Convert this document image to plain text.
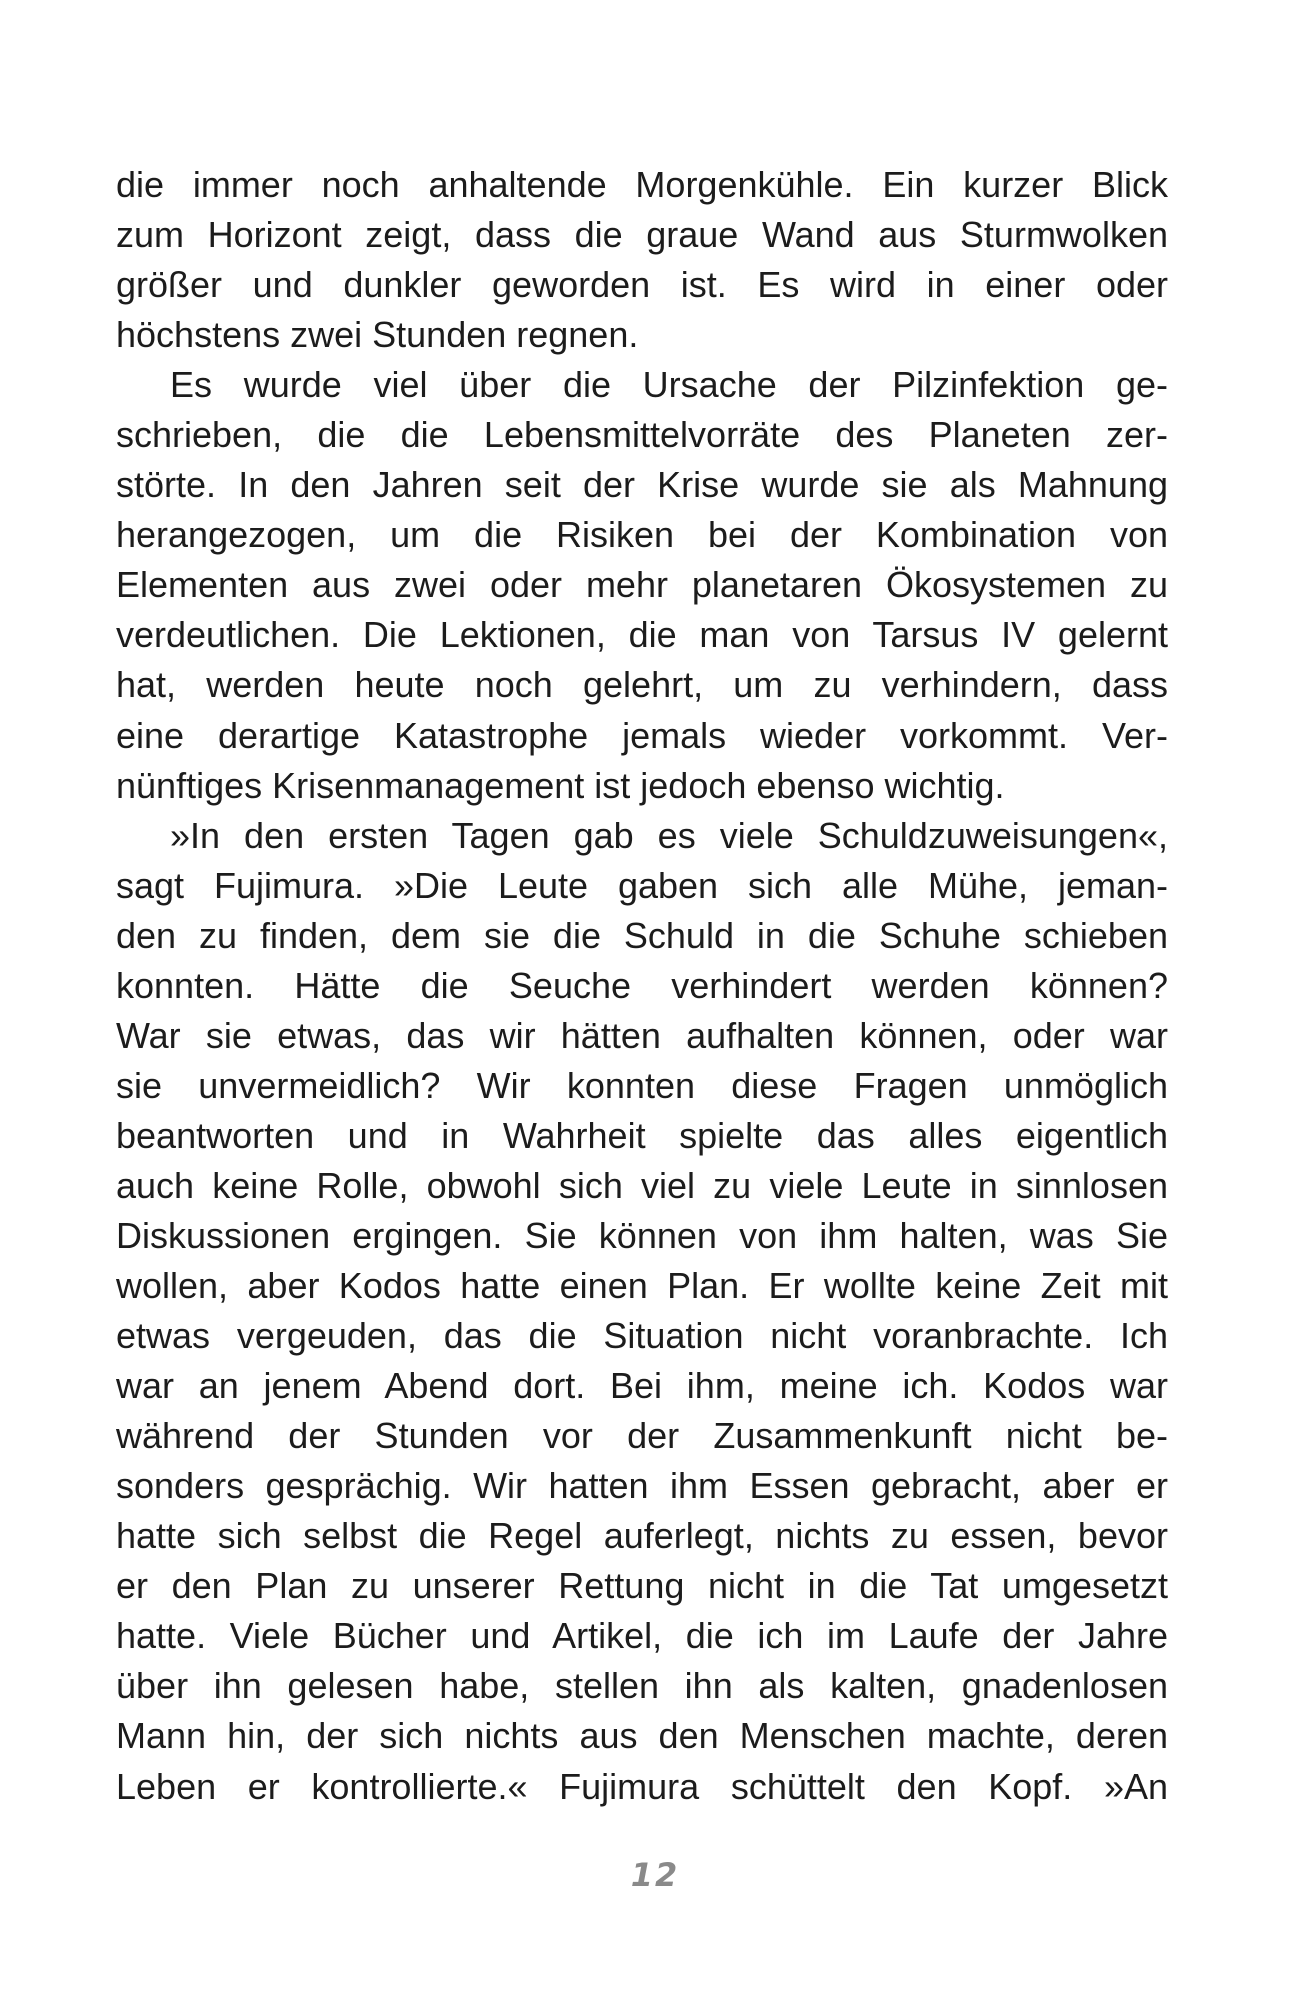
die immer noch anhaltende Morgenkühle. Ein kurzer Blick
zum Horizont zeigt, dass die graue Wand aus Sturmwolken
größer und dunkler geworden ist. Es wird in einer oder
höchstens zwei Stunden regnen.
Es wurde viel über die Ursache der Pilzinfektion ge-
schrieben, die die Lebensmittelvorräte des Planeten zer-
störte. In den Jahren seit der Krise wurde sie als Mahnung
herangezogen, um die Risiken bei der Kombination von
Elementen aus zwei oder mehr planetaren Ökosystemen zu
verdeutlichen. Die Lektionen, die man von Tarsus IV gelernt
hat, werden heute noch gelehrt, um zu verhindern, dass
eine derartige Katastrophe jemals wieder vorkommt. Ver-
nünftiges Krisenmanagement ist jedoch ebenso wichtig.
»In den ersten Tagen gab es viele Schuldzuweisungen«,
sagt Fujimura. »Die Leute gaben sich alle Mühe, jeman-
den zu finden, dem sie die Schuld in die Schuhe schieben
konnten. Hätte die Seuche verhindert werden können?
War sie etwas, das wir hätten aufhalten können, oder war
sie unvermeidlich? Wir konnten diese Fragen unmöglich
beantworten und in Wahrheit spielte das alles eigentlich
auch keine Rolle, obwohl sich viel zu viele Leute in sinnlosen
Diskussionen ergingen. Sie können von ihm halten, was Sie
wollen, aber Kodos hatte einen Plan. Er wollte keine Zeit mit
etwas vergeuden, das die Situation nicht voranbrachte. Ich
war an jenem Abend dort. Bei ihm, meine ich. Kodos war
während der Stunden vor der Zusammenkunft nicht be-
sonders gesprächig. Wir hatten ihm Essen gebracht, aber er
hatte sich selbst die Regel auferlegt, nichts zu essen, bevor
er den Plan zu unserer Rettung nicht in die Tat umgesetzt
hatte. Viele Bücher und Artikel, die ich im Laufe der Jahre
über ihn gelesen habe, stellen ihn als kalten, gnadenlosen
Mann hin, der sich nichts aus den Menschen machte, deren
Leben er kontrollierte.« Fujimura schüttelt den Kopf. »An
12
